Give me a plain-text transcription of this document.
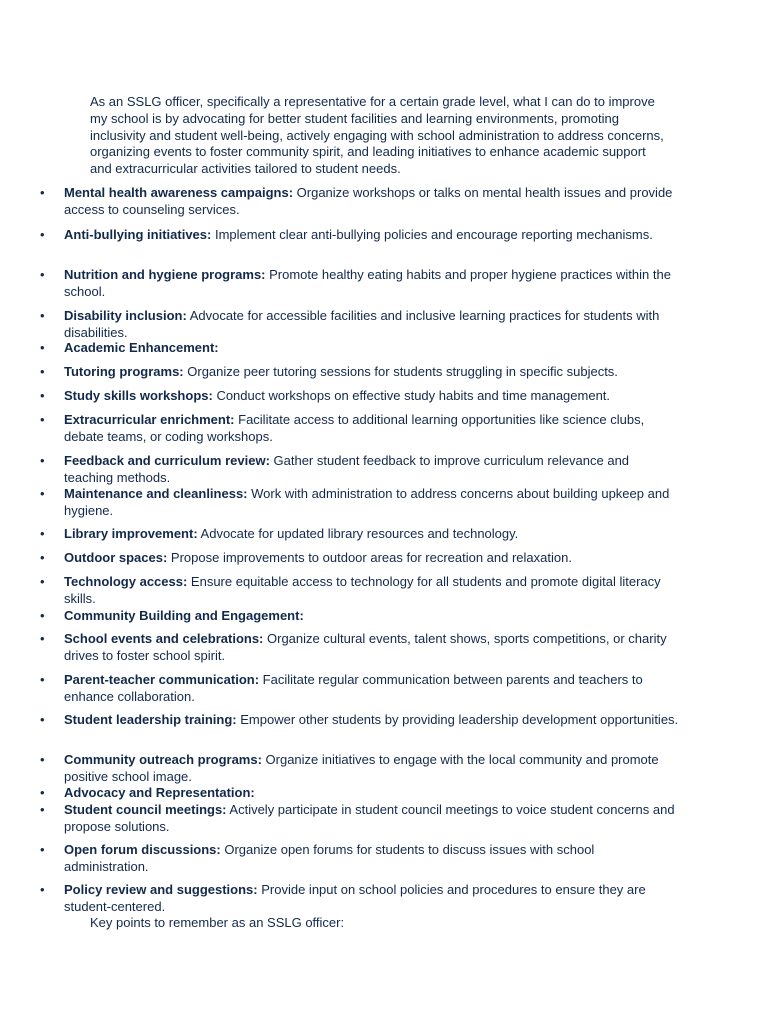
As an SSLG officer, specifically a representative for a certain grade level, what I can do to improve my school is by advocating for better student facilities and learning environments, promoting inclusivity and student well-being, actively engaging with school administration to address concerns, organizing events to foster community spirit, and leading initiatives to enhance academic support and extracurricular activities tailored to student needs.

• Mental health awareness campaigns: Organize workshops or talks on mental health issues and provide access to counseling services.
• Anti-bullying initiatives: Implement clear anti-bullying policies and encourage reporting mechanisms.
• Nutrition and hygiene programs: Promote healthy eating habits and proper hygiene practices within the school.
• Disability inclusion: Advocate for accessible facilities and inclusive learning practices for students with disabilities.
• Academic Enhancement:
• Tutoring programs: Organize peer tutoring sessions for students struggling in specific subjects.
• Study skills workshops: Conduct workshops on effective study habits and time management.
• Extracurricular enrichment: Facilitate access to additional learning opportunities like science clubs, debate teams, or coding workshops.
• Feedback and curriculum review: Gather student feedback to improve curriculum relevance and teaching methods.
• Maintenance and cleanliness: Work with administration to address concerns about building upkeep and hygiene.
• Library improvement: Advocate for updated library resources and technology.
• Outdoor spaces: Propose improvements to outdoor areas for recreation and relaxation.
• Technology access: Ensure equitable access to technology for all students and promote digital literacy skills.
• Community Building and Engagement:
• School events and celebrations: Organize cultural events, talent shows, sports competitions, or charity drives to foster school spirit.
• Parent-teacher communication: Facilitate regular communication between parents and teachers to enhance collaboration.
• Student leadership training: Empower other students by providing leadership development opportunities.
• Community outreach programs: Organize initiatives to engage with the local community and promote positive school image.
• Advocacy and Representation:
• Student council meetings: Actively participate in student council meetings to voice student concerns and propose solutions.
• Open forum discussions: Organize open forums for students to discuss issues with school administration.
• Policy review and suggestions: Provide input on school policies and procedures to ensure they are student-centered.

Key points to remember as an SSLG officer:
